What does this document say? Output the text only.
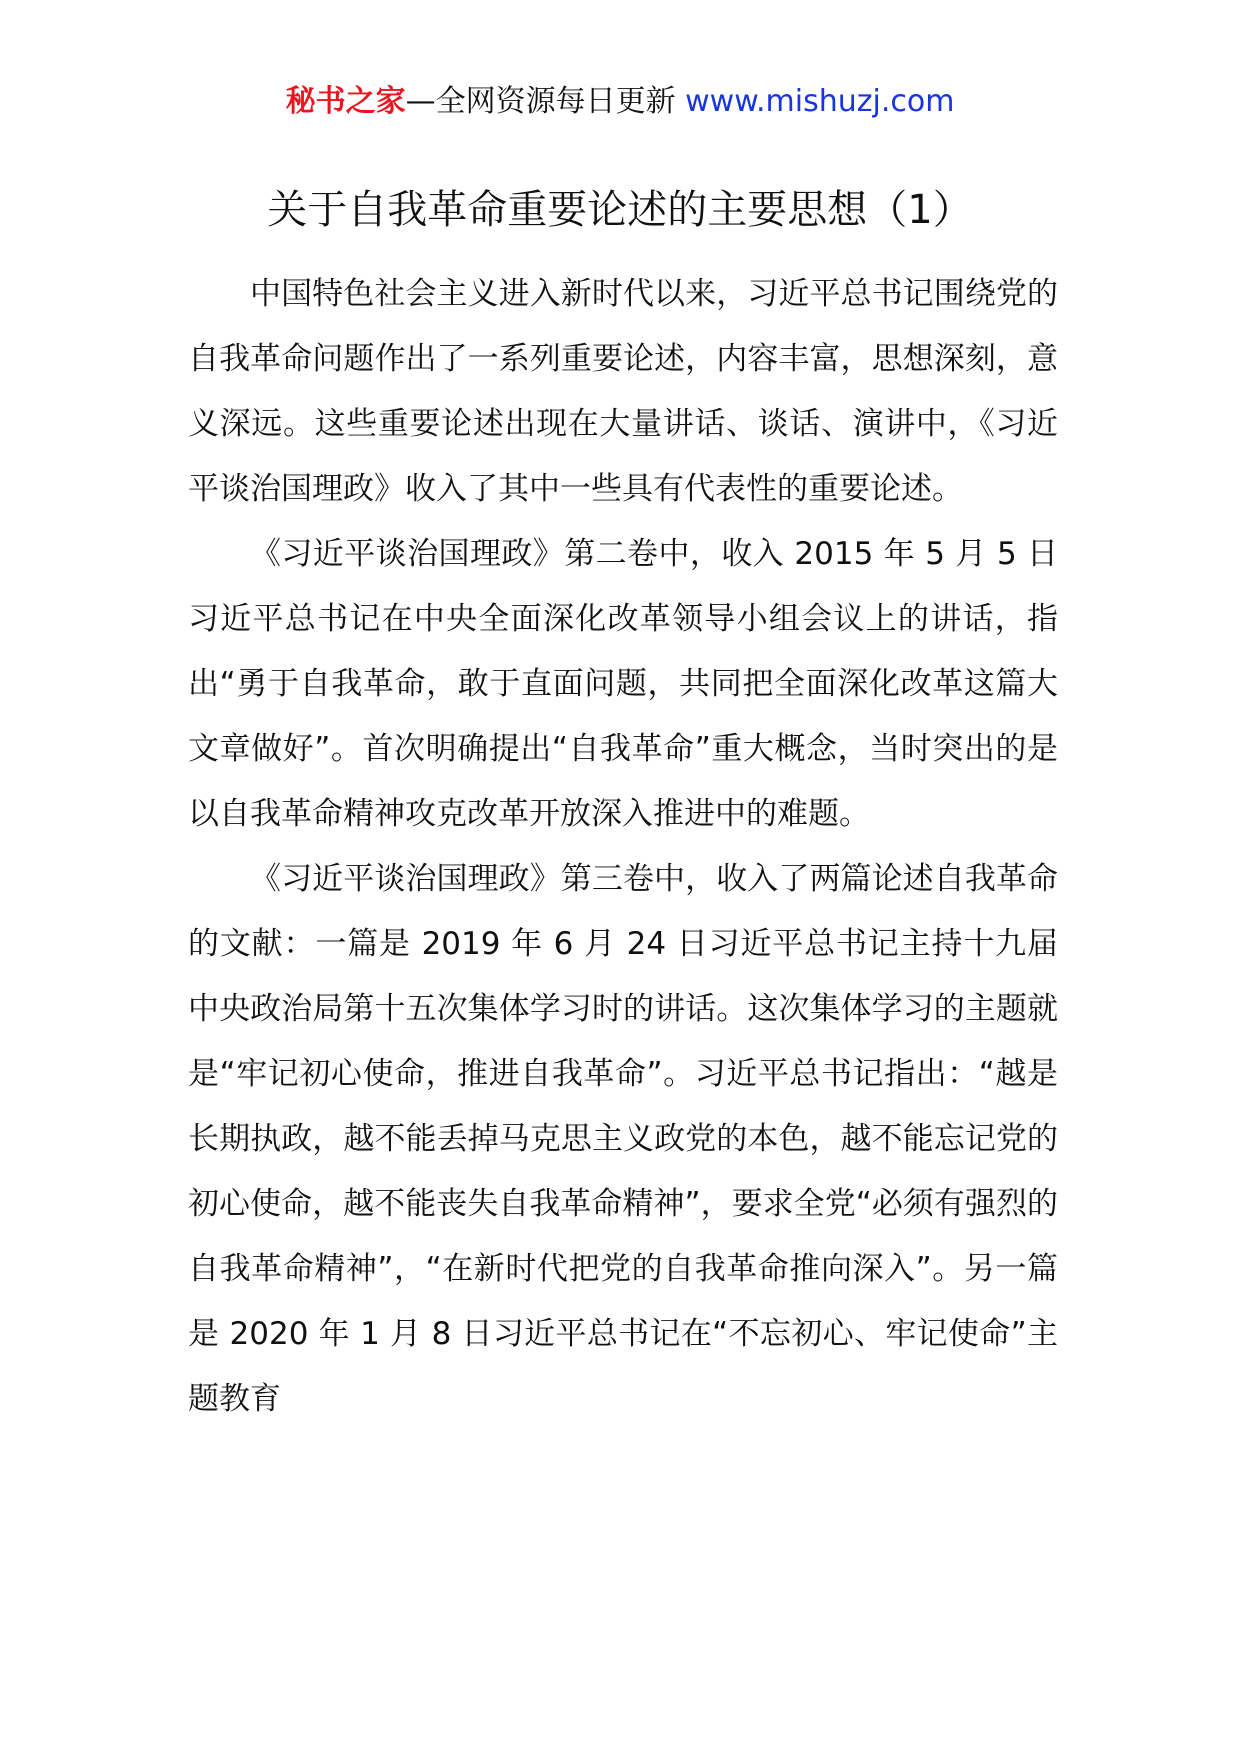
秘书之家—全网资源每日更新 www.mishuzj.com
关于自我革命重要论述的主要思想（1）

中国特色社会主义进入新时代以来，习近平总书记围绕党的自我革命问题作出了一系列重要论述，内容丰富，思想深刻，意义深远。这些重要论述出现在大量讲话、谈话、演讲中，《习近平谈治国理政》收入了其中一些具有代表性的重要论述。

《习近平谈治国理政》第二卷中，收入 2015 年 5 月 5 日习近平总书记在中央全面深化改革领导小组会议上的讲话，指出“勇于自我革命，敢于直面问题，共同把全面深化改革这篇大文章做好”。首次明确提出“自我革命”重大概念，当时突出的是以自我革命精神攻克改革开放深入推进中的难题。

《习近平谈治国理政》第三卷中，收入了两篇论述自我革命的文献：一篇是 2019 年 6 月 24 日习近平总书记主持十九届中央政治局第十五次集体学习时的讲话。这次集体学习的主题就是“牢记初心使命，推进自我革命”。习近平总书记指出：“越是长期执政，越不能丢掉马克思主义政党的本色，越不能忘记党的初心使命，越不能丧失自我革命精神”，要求全党“必须有强烈的自我革命精神”，“在新时代把党的自我革命推向深入”。另一篇是 2020 年 1 月 8 日习近平总书记在“不忘初心、牢记使命”主题教育
